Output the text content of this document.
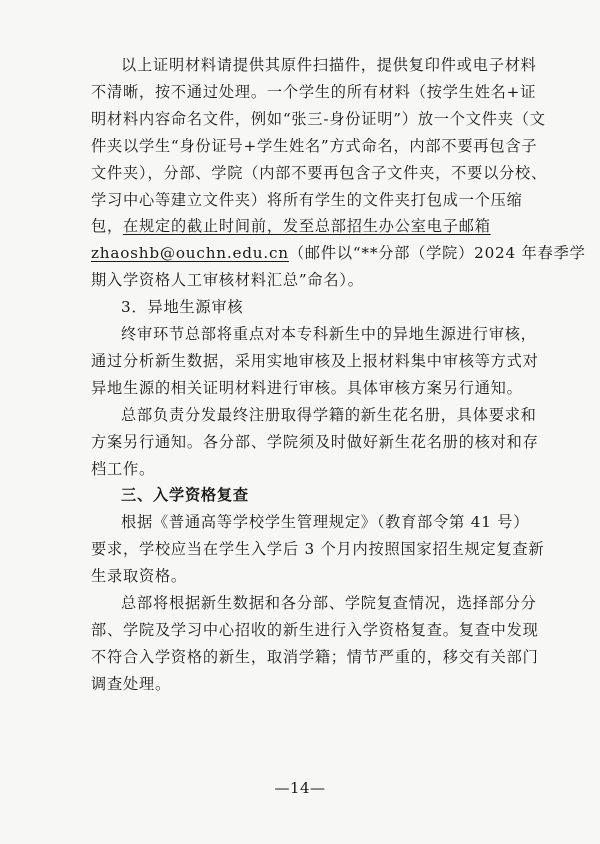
以上证明材料请提供其原件扫描件，提供复印件或电子材料
不清晰，按不通过处理。一个学生的所有材料（按学生姓名+证
明材料内容命名文件，例如“张三-身份证明”）放一个文件夹（文
件夹以学生“身份证号+学生姓名”方式命名，内部不要再包含子
文件夹），分部、学院（内部不要再包含子文件夹，不要以分校、
学习中心等建立文件夹）将所有学生的文件夹打包成一个压缩
包，在规定的截止时间前，发至总部招生办公室电子邮箱
zhaoshb@ouchn.edu.cn（邮件以“**分部（学院）2024 年春季学
期入学资格人工审核材料汇总”命名）。
3．异地生源审核
终审环节总部将重点对本专科新生中的异地生源进行审核，
通过分析新生数据，采用实地审核及上报材料集中审核等方式对
异地生源的相关证明材料进行审核。具体审核方案另行通知。
总部负责分发最终注册取得学籍的新生花名册，具体要求和
方案另行通知。各分部、学院须及时做好新生花名册的核对和存
档工作。
三、入学资格复查
根据《普通高等学校学生管理规定》（教育部令第 41 号）
要求，学校应当在学生入学后 3 个月内按照国家招生规定复查新
生录取资格。
总部将根据新生数据和各分部、学院复查情况，选择部分分
部、学院及学习中心招收的新生进行入学资格复查。复查中发现
不符合入学资格的新生，取消学籍；情节严重的，移交有关部门
调查处理。
—14—
